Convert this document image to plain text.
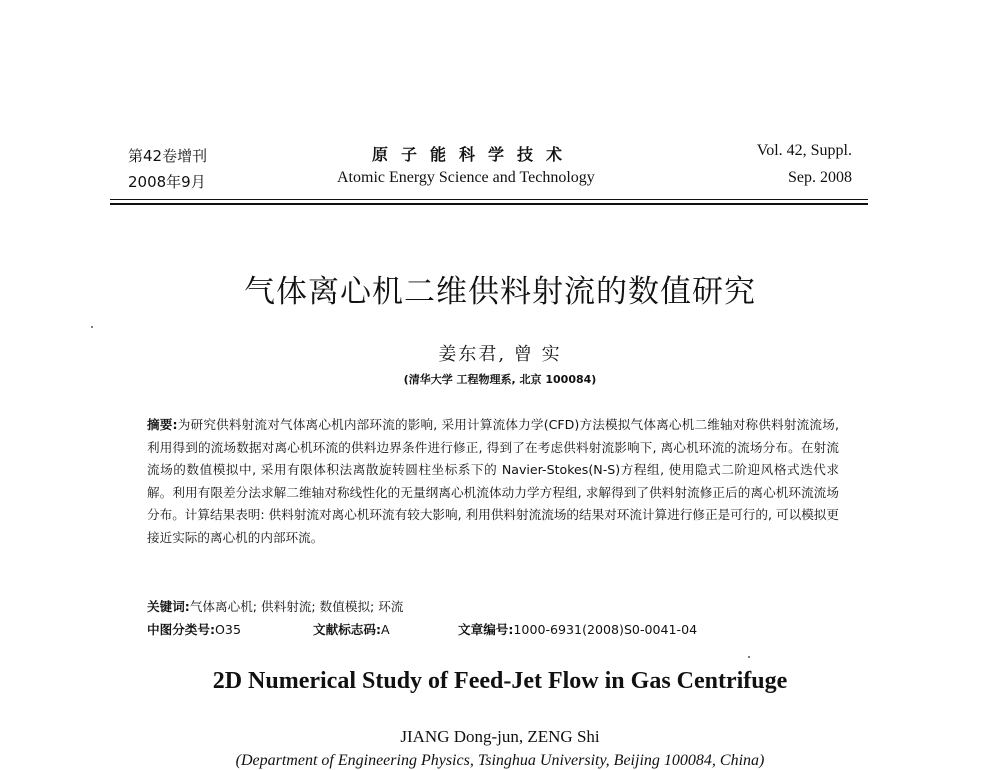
第42卷增刊
2008年9月
原子能科学技术
Atomic Energy Science and Technology
Vol. 42, Suppl.
Sep. 2008
气体离心机二维供料射流的数值研究
姜东君, 曾 实
(清华大学 工程物理系, 北京 100084)
摘要:为研究供料射流对气体离心机内部环流的影响, 采用计算流体力学(CFD)方法模拟气体离心机二维轴对称供料射流流场, 利用得到的流场数据对离心机环流的供料边界条件进行修正, 得到了在考虑供料射流影响下, 离心机环流的流场分布。在射流流场的数值模拟中, 采用有限体积法离散旋转圆柱坐标系下的 Navier-Stokes(N-S)方程组, 使用隐式二阶迎风格式迭代求解。利用有限差分法求解二维轴对称线性化的无量纲离心机流体动力学方程组, 求解得到了供料射流修正后的离心机环流流场分布。计算结果表明: 供料射流对离心机环流有较大影响, 利用供料射流流场的结果对环流计算进行修正是可行的, 可以模拟更接近实际的离心机的内部环流。
关键词:气体离心机; 供料射流; 数值模拟; 环流
中图分类号:O35	文献标志码:A	文章编号:1000-6931(2008)S0-0041-04
2D Numerical Study of Feed-Jet Flow in Gas Centrifuge
JIANG Dong-jun, ZENG Shi
(Department of Engineering Physics, Tsinghua University, Beijing 100084, China)
